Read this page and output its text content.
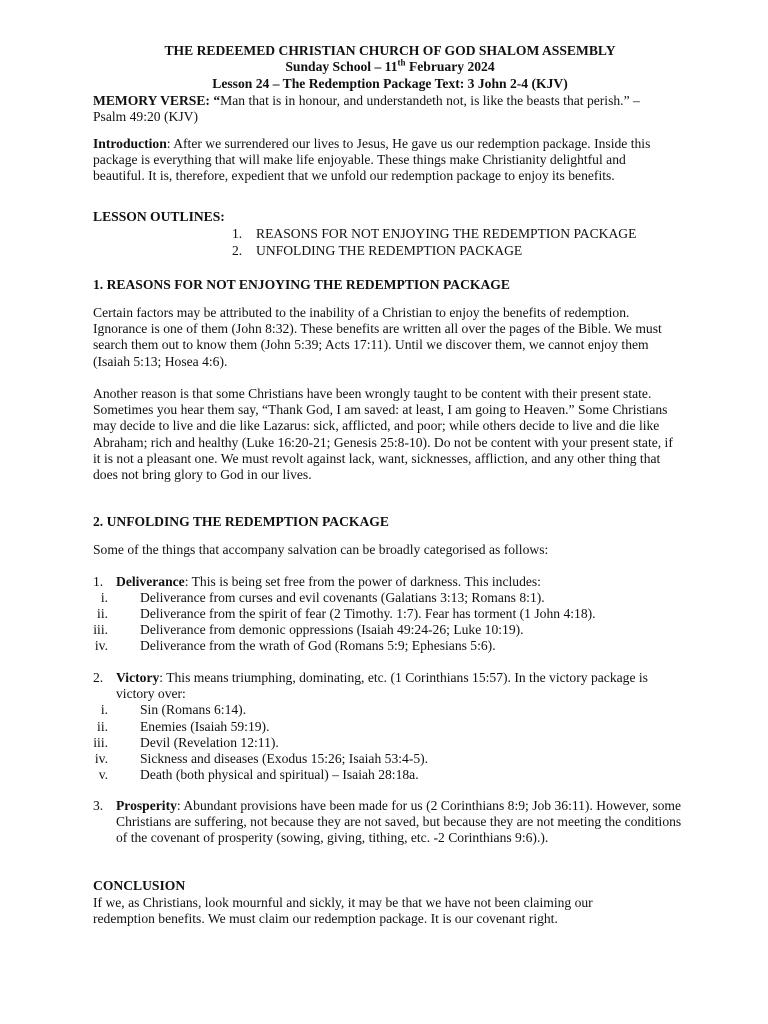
THE REDEEMED CHRISTIAN CHURCH OF GOD SHALOM ASSEMBLY
Sunday School – 11th February 2024
Lesson 24 – The Redemption Package Text: 3 John 2-4 (KJV)
MEMORY VERSE: “Man that is in honour, and understandeth not, is like the beasts that perish.” – Psalm 49:20 (KJV)
Introduction: After we surrendered our lives to Jesus, He gave us our redemption package. Inside this package is everything that will make life enjoyable. These things make Christianity delightful and beautiful. It is, therefore, expedient that we unfold our redemption package to enjoy its benefits.
LESSON OUTLINES:
1. REASONS FOR NOT ENJOYING THE REDEMPTION PACKAGE
2. UNFOLDING THE REDEMPTION PACKAGE
1. REASONS FOR NOT ENJOYING THE REDEMPTION PACKAGE
Certain factors may be attributed to the inability of a Christian to enjoy the benefits of redemption. Ignorance is one of them (John 8:32). These benefits are written all over the pages of the Bible. We must search them out to know them (John 5:39; Acts 17:11). Until we discover them, we cannot enjoy them (Isaiah 5:13; Hosea 4:6).
Another reason is that some Christians have been wrongly taught to be content with their present state. Sometimes you hear them say, “Thank God, I am saved: at least, I am going to Heaven.” Some Christians may decide to live and die like Lazarus: sick, afflicted, and poor; while others decide to live and die like Abraham; rich and healthy (Luke 16:20-21; Genesis 25:8-10). Do not be content with your present state, if it is not a pleasant one. We must revolt against lack, want, sicknesses, affliction, and any other thing that does not bring glory to God in our lives.
2. UNFOLDING THE REDEMPTION PACKAGE
Some of the things that accompany salvation can be broadly categorised as follows:
1. Deliverance: This is being set free from the power of darkness. This includes:
i. Deliverance from curses and evil covenants (Galatians 3:13; Romans 8:1).
ii. Deliverance from the spirit of fear (2 Timothy. 1:7). Fear has torment (1 John 4:18).
iii. Deliverance from demonic oppressions (Isaiah 49:24-26; Luke 10:19).
iv. Deliverance from the wrath of God (Romans 5:9; Ephesians 5:6).
2. Victory: This means triumphing, dominating, etc. (1 Corinthians 15:57). In the victory package is victory over:
i. Sin (Romans 6:14).
ii. Enemies (Isaiah 59:19).
iii. Devil (Revelation 12:11).
iv. Sickness and diseases (Exodus 15:26; Isaiah 53:4-5).
v. Death (both physical and spiritual) – Isaiah 28:18a.
3. Prosperity: Abundant provisions have been made for us (2 Corinthians 8:9; Job 36:11). However, some Christians are suffering, not because they are not saved, but because they are not meeting the conditions of the covenant of prosperity (sowing, giving, tithing, etc. -2 Corinthians 9:6).).
CONCLUSION
If we, as Christians, look mournful and sickly, it may be that we have not been claiming our redemption benefits. We must claim our redemption package. It is our covenant right.
